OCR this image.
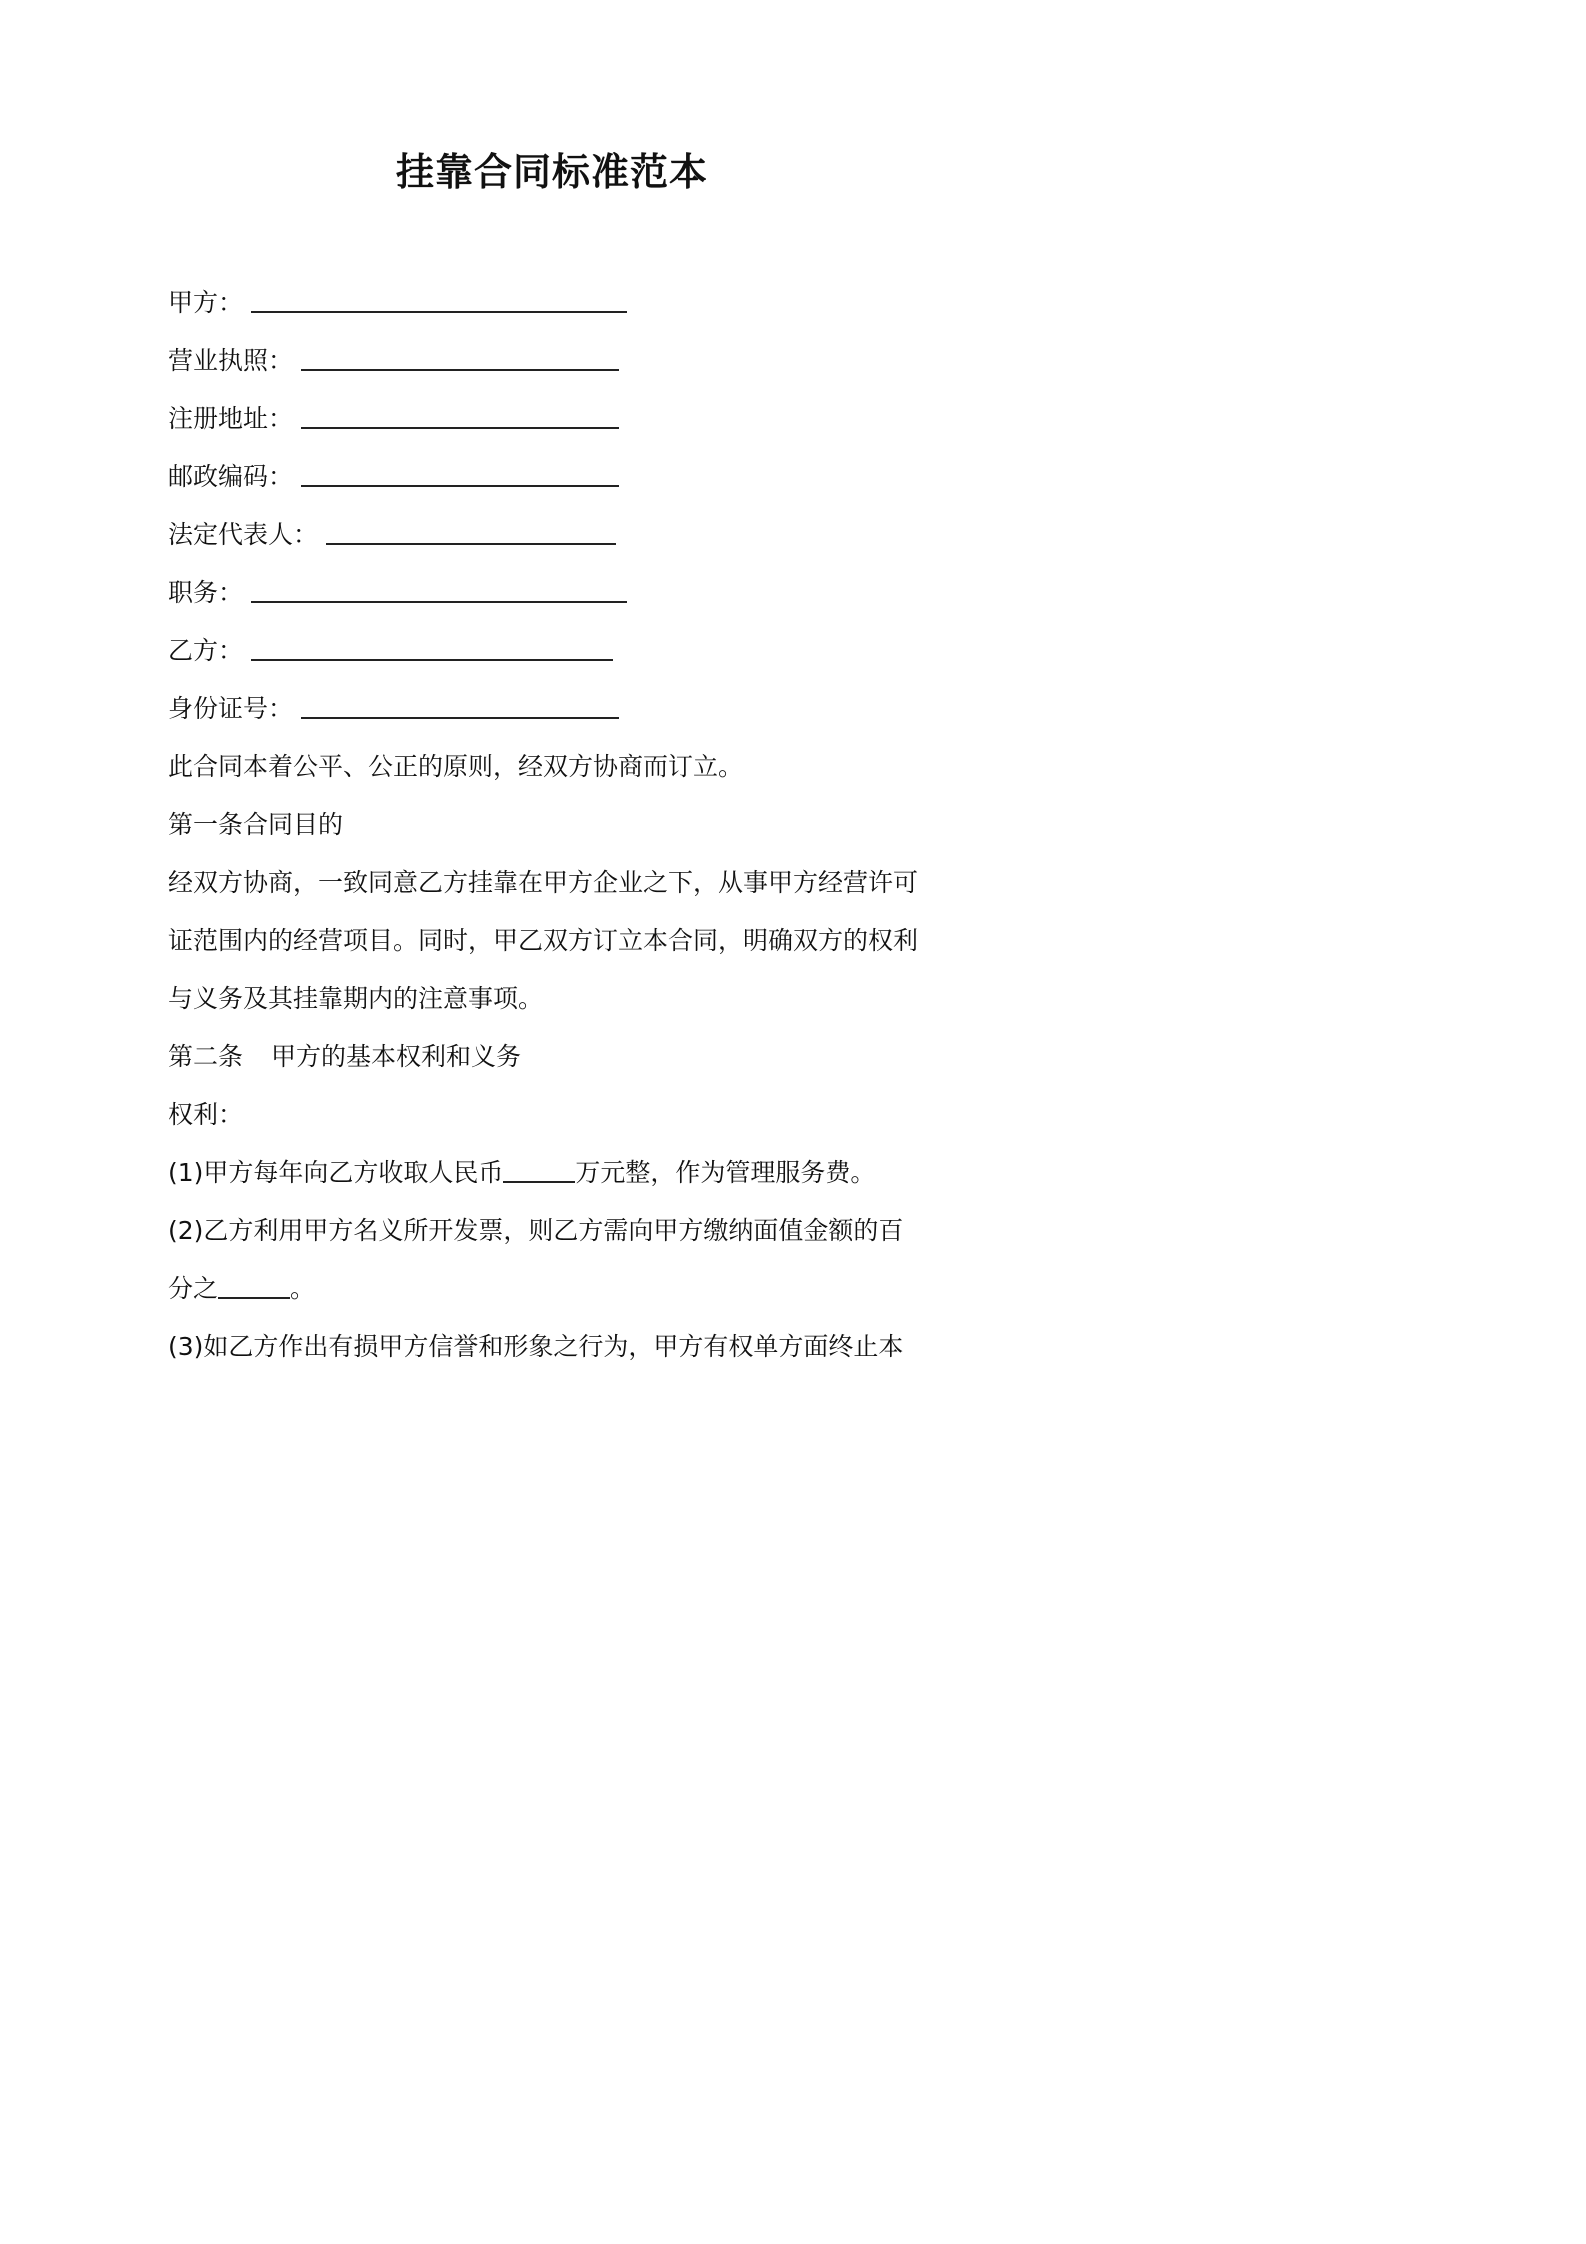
挂靠合同标准范本
甲方：
营业执照：
注册地址：
邮政编码：
法定代表人：
职务：
乙方：
身份证号：
此合同本着公平、公正的原则，经双方协商而订立。
第一条合同目的
经双方协商，一致同意乙方挂靠在甲方企业之下，从事甲方经营许可
证范围内的经营项目。同时，甲乙双方订立本合同，明确双方的权利
与义务及其挂靠期内的注意事项。
第二条 甲方的基本权利和义务
权利：
(1)甲方每年向乙方收取人民币	万元整，作为管理服务费。
(2)乙方利用甲方名义所开发票，则乙方需向甲方缴纳面值金额的百
分之	。
(3)如乙方作出有损甲方信誉和形象之行为，甲方有权单方面终止本
